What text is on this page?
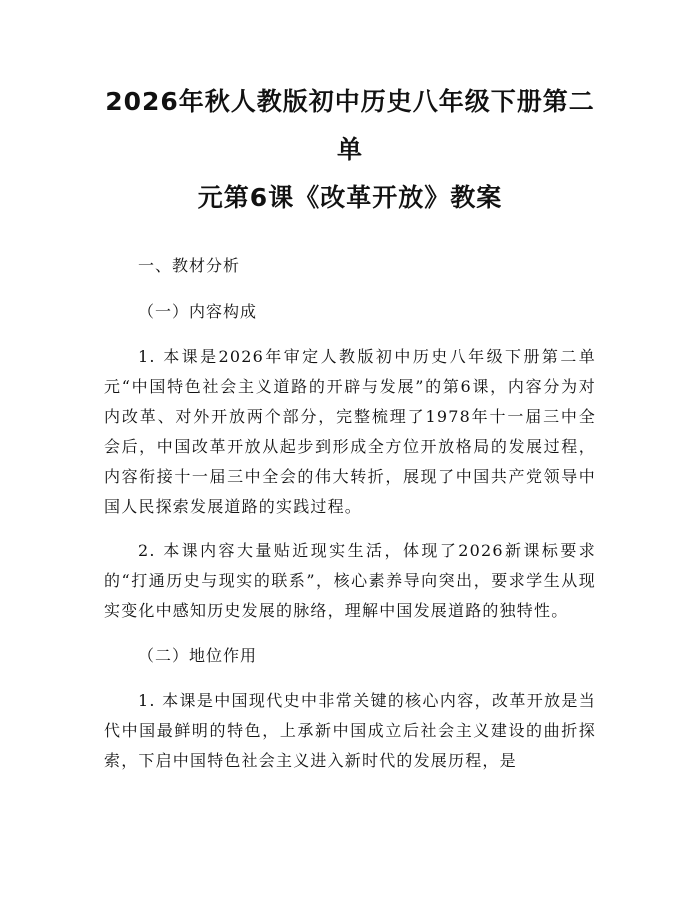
2026年秋人教版初中历史八年级下册第二单
元第6课《改革开放》教案

一、教材分析

（一）内容构成

1. 本课是2026年审定人教版初中历史八年级下册第二单元“中国特色社会主义道路的开辟与发展”的第6课，内容分为对内改革、对外开放两个部分，完整梳理了1978年十一届三中全会后，中国改革开放从起步到形成全方位开放格局的发展过程，内容衔接十一届三中全会的伟大转折，展现了中国共产党领导中国人民探索发展道路的实践过程。

2. 本课内容大量贴近现实生活，体现了2026新课标要求的“打通历史与现实的联系”，核心素养导向突出，要求学生从现实变化中感知历史发展的脉络，理解中国发展道路的独特性。

（二）地位作用

1. 本课是中国现代史中非常关键的核心内容，改革开放是当代中国最鲜明的特色，上承新中国成立后社会主义建设的曲折探索，下启中国特色社会主义进入新时代的发展历程，是
